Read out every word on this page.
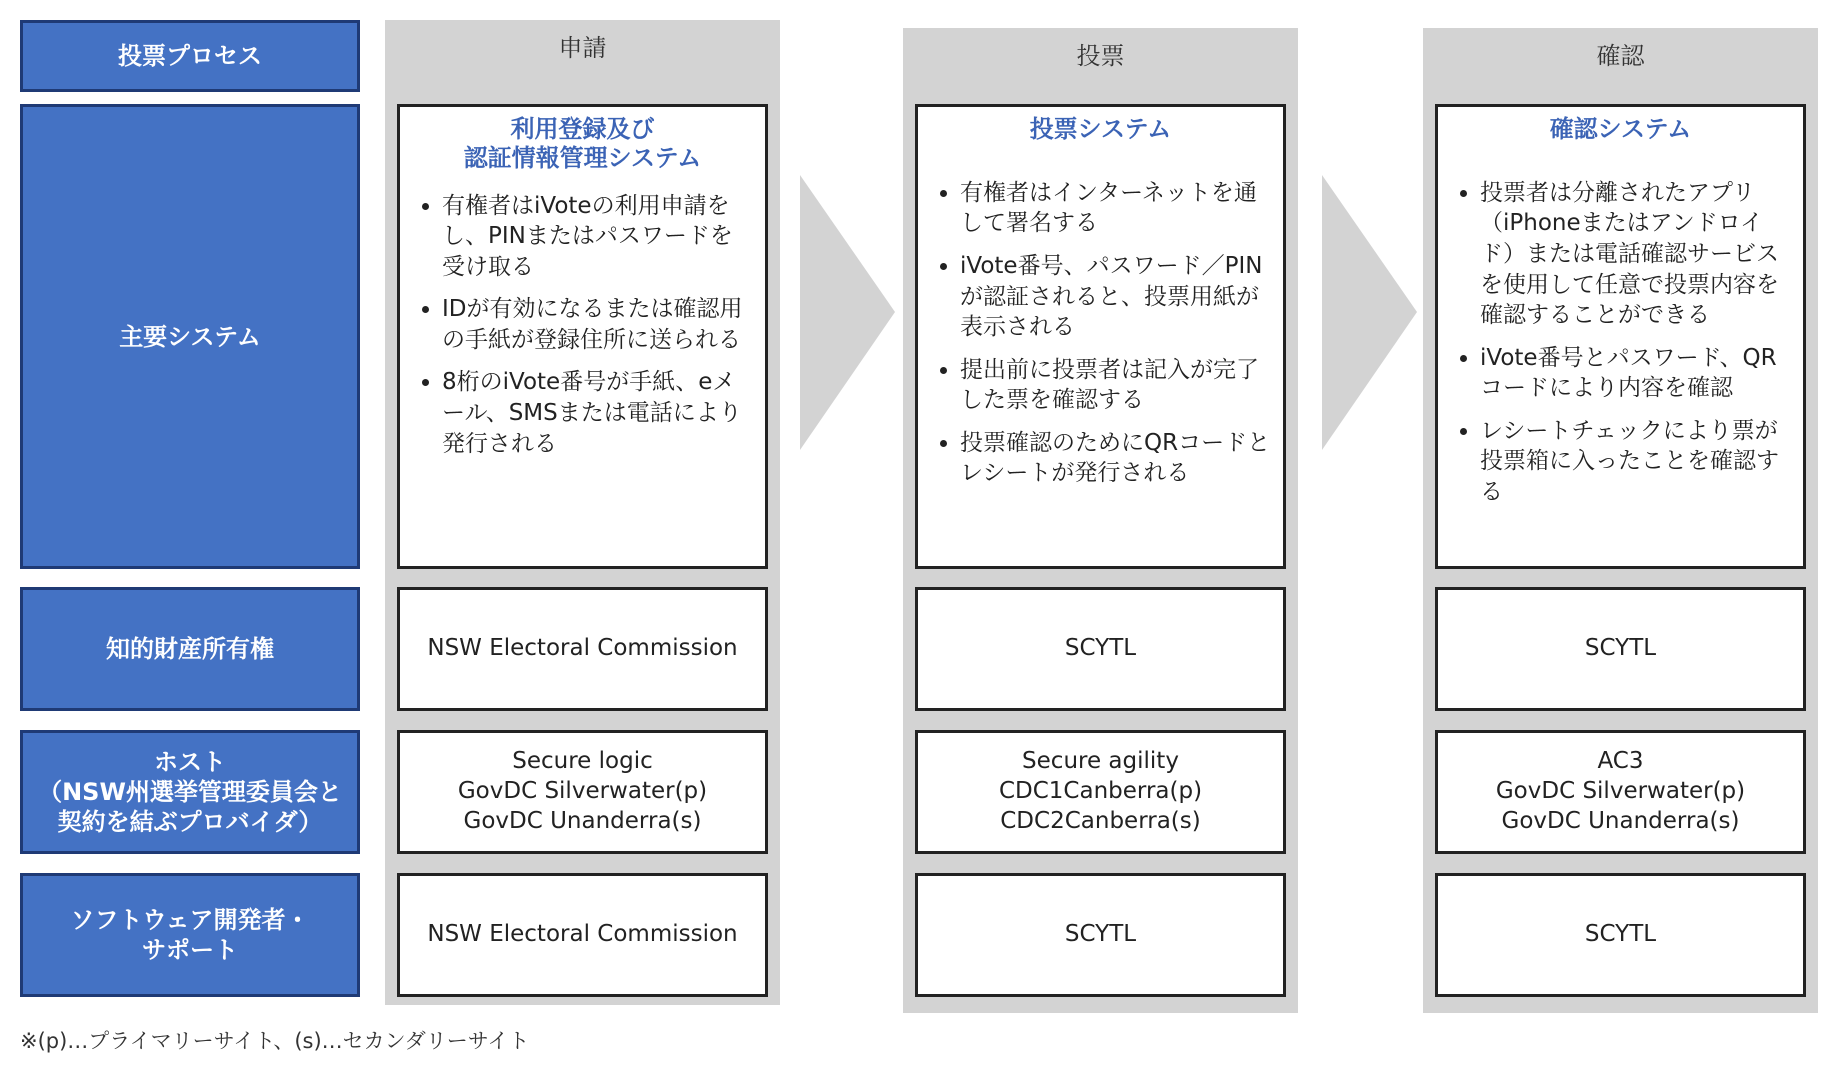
投票プロセス
主要システム
知的財産所有権
ホスト
（NSW州選挙管理委員会と
契約を結ぶプロバイダ）
ソフトウェア開発者・
サポート
申請
利用登録及び
認証情報管理システム
• 有権者はiVoteの利用申請をし、PINまたはパスワードを受け取る
• IDが有効になるまたは確認用の手紙が登録住所に送られる
• 8桁のiVote番号が手紙、eメール、SMSまたは電話により発行される
NSW Electoral Commission
Secure logic
GovDC Silverwater(p)
GovDC Unanderra(s)
NSW Electoral Commission
投票
投票システム
• 有権者はインターネットを通して署名する
• iVote番号、パスワード／PINが認証されると、投票用紙が表示される
• 提出前に投票者は記入が完了した票を確認する
• 投票確認のためにQRコードとレシートが発行される
SCYTL
Secure agility
CDC1Canberra(p)
CDC2Canberra(s)
SCYTL
確認
確認システム
• 投票者は分離されたアプリ（iPhoneまたはアンドロイド）または電話確認サービスを使用して任意で投票内容を確認することができる
• iVote番号とパスワード、QRコードにより内容を確認
• レシートチェックにより票が投票箱に入ったことを確認する
SCYTL
AC3
GovDC Silverwater(p)
GovDC Unanderra(s)
SCYTL
※(p)…プライマリーサイト、(s)…セカンダリーサイト
